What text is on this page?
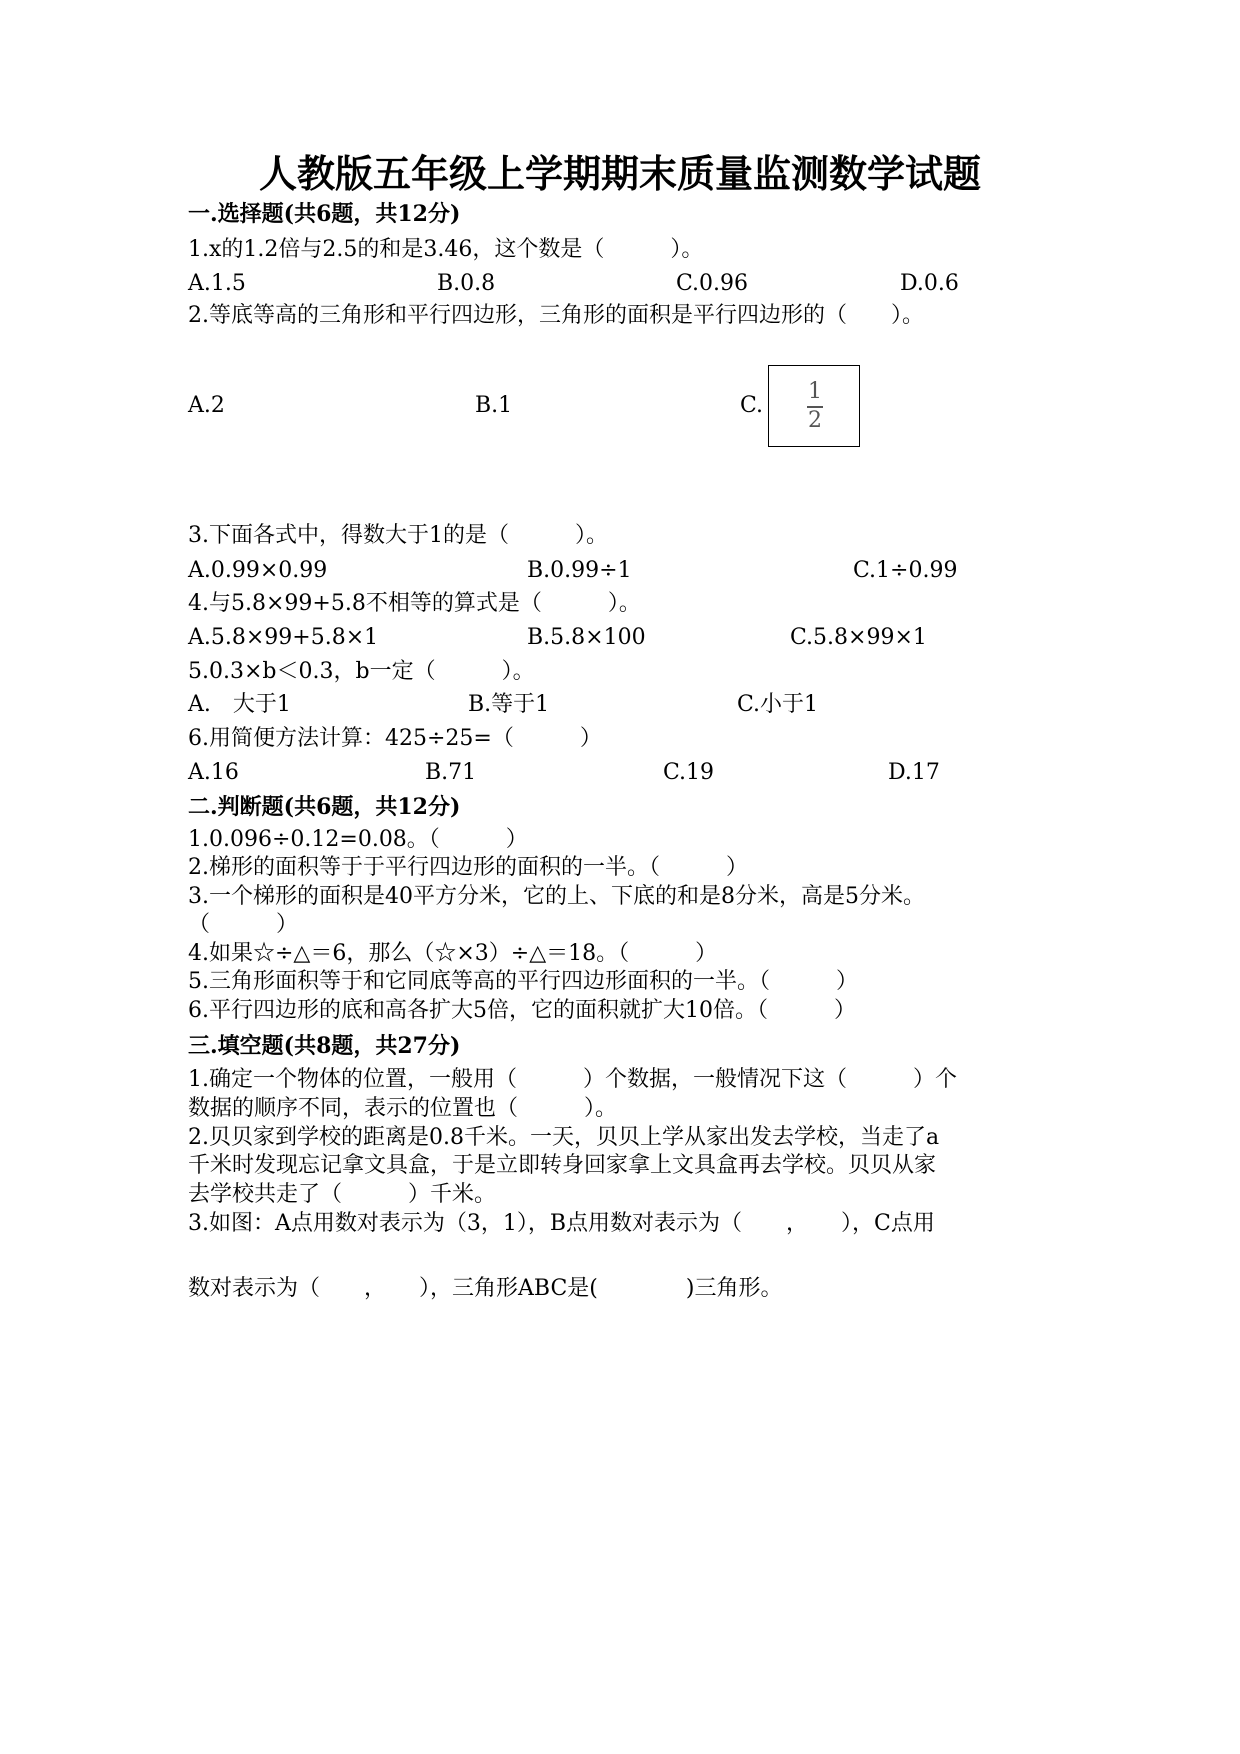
人教版五年级上学期期末质量监测数学试题
一.选择题(共6题，共12分)
1.x的1.2倍与2.5的和是3.46，这个数是（　　　）。
A.1.5	B.0.8	C.0.96	D.0.6
2.等底等高的三角形和平行四边形，三角形的面积是平行四边形的（　　）。
A.2	B.1	C.
1
2
3.下面各式中，得数大于1的是（　　　）。
A.0.99×0.99	B.0.99÷1	C.1÷0.99
4.与5.8×99+5.8不相等的算式是（　　　）。
A.5.8×99+5.8×1	B.5.8×100	C.5.8×99×1
5.0.3×b＜0.3，b一定（　　　）。
A.　大于1	B.等于1	C.小于1
6.用简便方法计算：425÷25=（　　　）
A.16	B.71	C.19	D.17
二.判断题(共6题，共12分)
1.0.096÷0.12=0.08。（　　　）
2.梯形的面积等于于平行四边形的面积的一半。（　　　）
3.一个梯形的面积是40平方分米，它的上、下底的和是8分米，高是5分米。
（　　　）
4.如果☆÷△＝6，那么（☆×3）÷△＝18。（　　　）
5.三角形面积等于和它同底等高的平行四边形面积的一半。（　　　）
6.平行四边形的底和高各扩大5倍，它的面积就扩大10倍。（　　　）
三.填空题(共8题，共27分)
1.确定一个物体的位置，一般用（　　　）个数据，一般情况下这（　　　）个
数据的顺序不同，表示的位置也（　　　）。
2.贝贝家到学校的距离是0.8千米。一天，贝贝上学从家出发去学校，当走了a
千米时发现忘记拿文具盒，于是立即转身回家拿上文具盒再去学校。贝贝从家
去学校共走了（　　　）千米。
3.如图：A点用数对表示为（3，1），B点用数对表示为（　　，　　），C点用
数对表示为（　　，　　），三角形ABC是(　　　　)三角形。
